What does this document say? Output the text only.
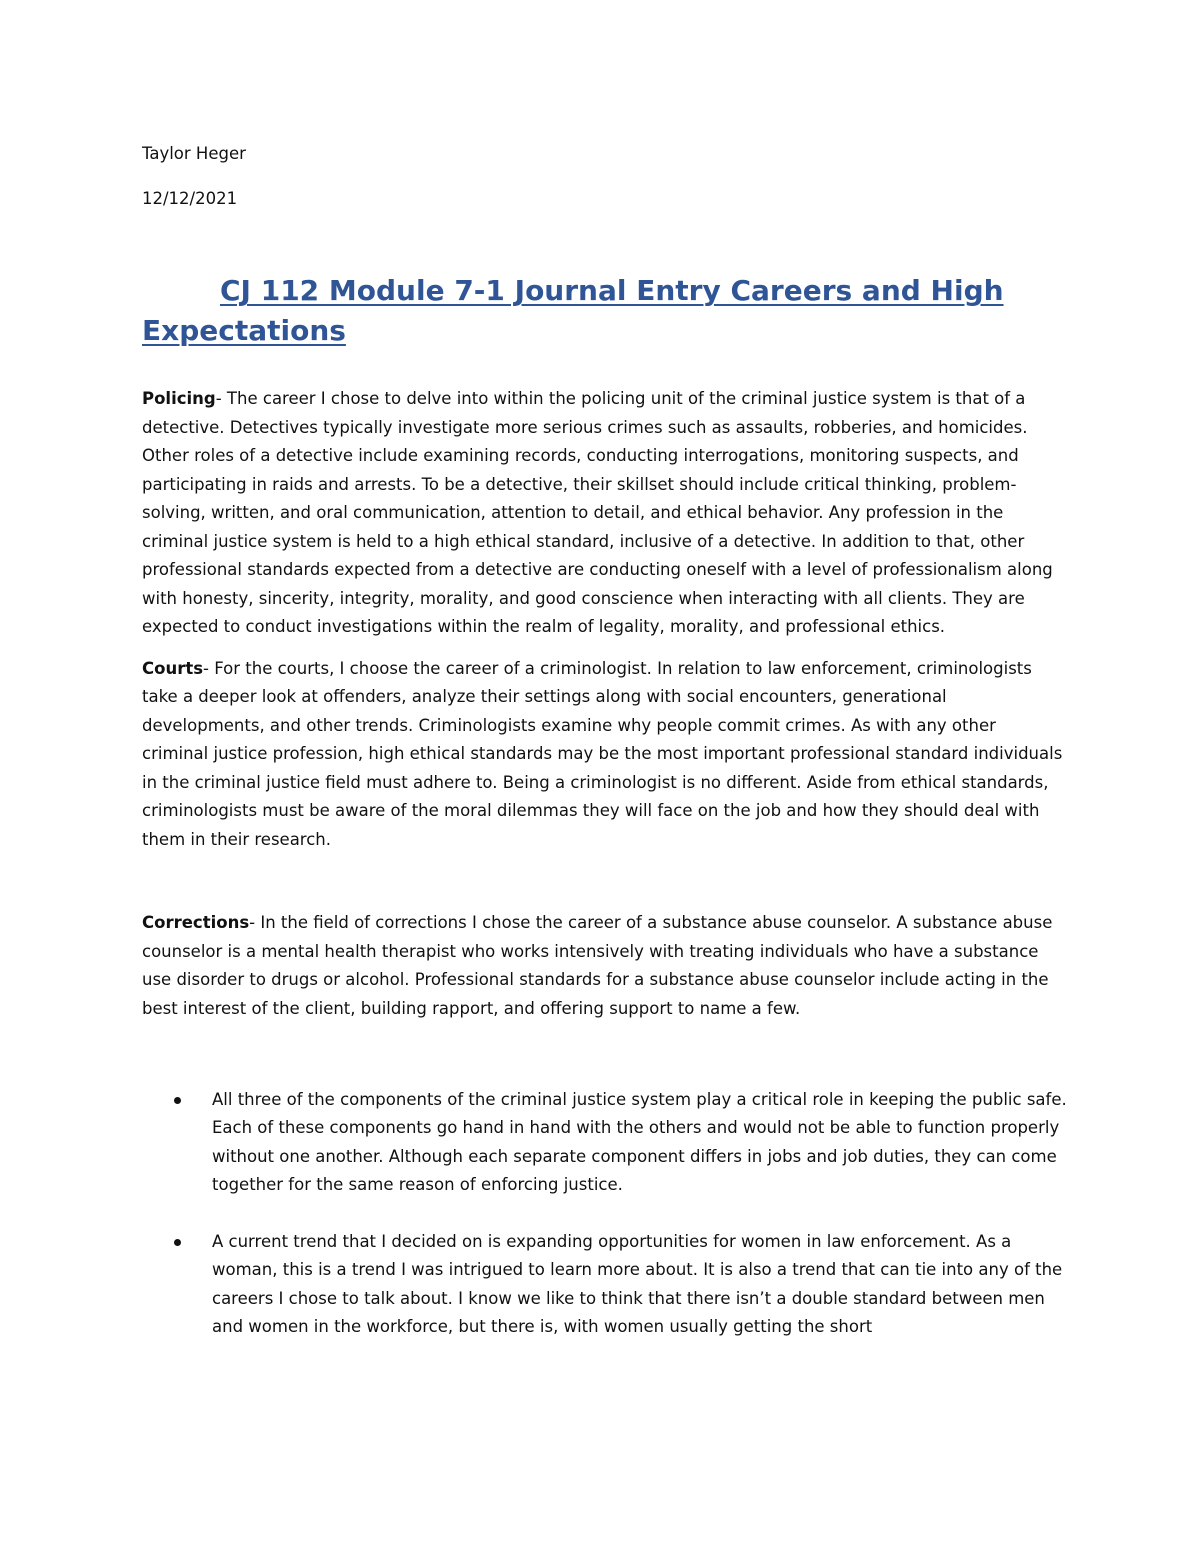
Taylor Heger

12/12/2021

CJ 112 Module 7-1 Journal Entry Careers and High Expectations

Policing- The career I chose to delve into within the policing unit of the criminal justice system is that of a detective. Detectives typically investigate more serious crimes such as assaults, robberies, and homicides. Other roles of a detective include examining records, conducting interrogations, monitoring suspects, and participating in raids and arrests. To be a detective, their skillset should include critical thinking, problem-solving, written, and oral communication, attention to detail, and ethical behavior. Any profession in the criminal justice system is held to a high ethical standard, inclusive of a detective. In addition to that, other professional standards expected from a detective are conducting oneself with a level of professionalism along with honesty, sincerity, integrity, morality, and good conscience when interacting with all clients. They are expected to conduct investigations within the realm of legality, morality, and professional ethics.

Courts- For the courts, I choose the career of a criminologist. In relation to law enforcement, criminologists take a deeper look at offenders, analyze their settings along with social encounters, generational developments, and other trends. Criminologists examine why people commit crimes. As with any other criminal justice profession, high ethical standards may be the most important professional standard individuals in the criminal justice field must adhere to. Being a criminologist is no different. Aside from ethical standards, criminologists must be aware of the moral dilemmas they will face on the job and how they should deal with them in their research.

Corrections- In the field of corrections I chose the career of a substance abuse counselor. A substance abuse counselor is a mental health therapist who works intensively with treating individuals who have a substance use disorder to drugs or alcohol. Professional standards for a substance abuse counselor include acting in the best interest of the client, building rapport, and offering support to name a few.

All three of the components of the criminal justice system play a critical role in keeping the public safe. Each of these components go hand in hand with the others and would not be able to function properly without one another. Although each separate component differs in jobs and job duties, they can come together for the same reason of enforcing justice.
A current trend that I decided on is expanding opportunities for women in law enforcement. As a woman, this is a trend I was intrigued to learn more about. It is also a trend that can tie into any of the careers I chose to talk about. I know we like to think that there isn’t a double standard between men and women in the workforce, but there is, with women usually getting the short
